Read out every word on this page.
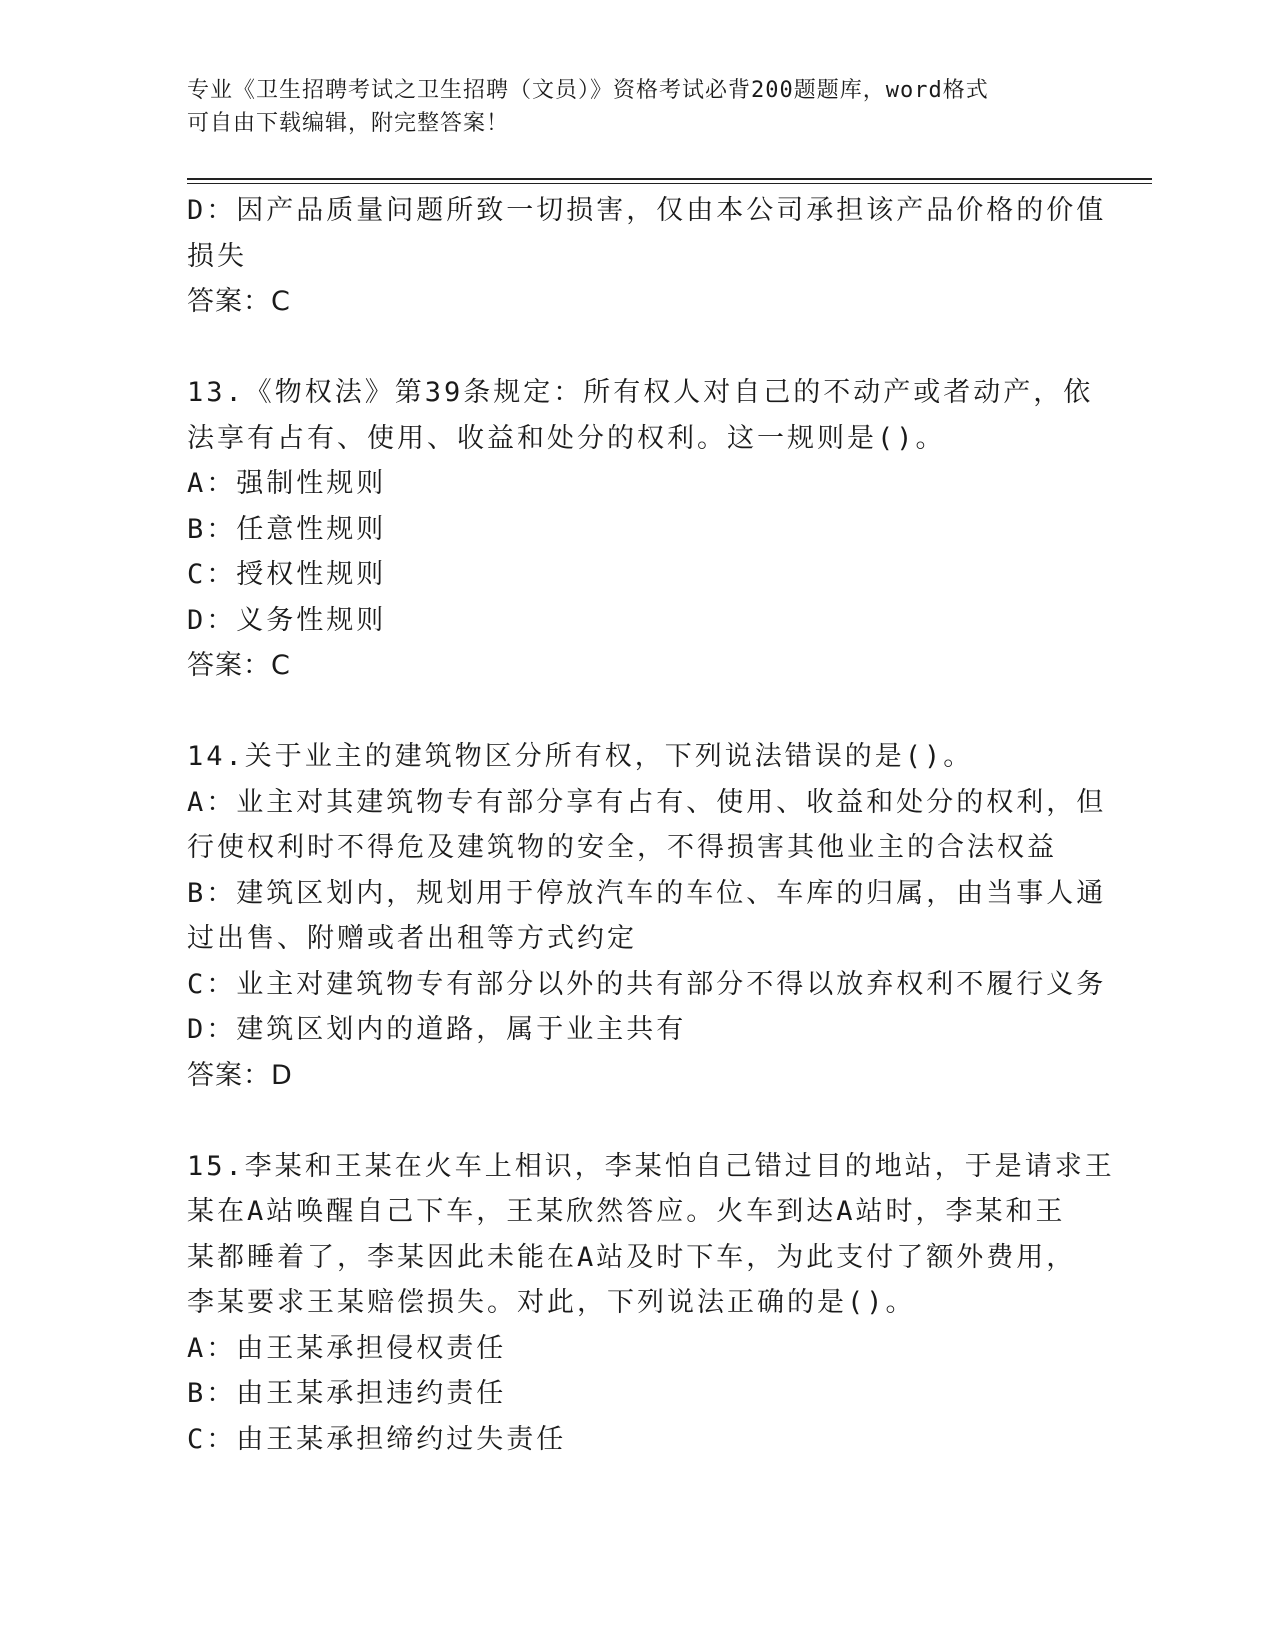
专业《卫生招聘考试之卫生招聘（文员）》资格考试必背200题题库，word格式
可自由下载编辑，附完整答案！
D：因产品质量问题所致一切损害，仅由本公司承担该产品价格的价值
损失
答案：C
13.《物权法》第39条规定：所有权人对自己的不动产或者动产，依
法享有占有、使用、收益和处分的权利。这一规则是()。
A：强制性规则
B：任意性规则
C：授权性规则
D：义务性规则
答案：C
14.关于业主的建筑物区分所有权，下列说法错误的是()。
A：业主对其建筑物专有部分享有占有、使用、收益和处分的权利，但
行使权利时不得危及建筑物的安全，不得损害其他业主的合法权益
B：建筑区划内，规划用于停放汽车的车位、车库的归属，由当事人通
过出售、附赠或者出租等方式约定
C：业主对建筑物专有部分以外的共有部分不得以放弃权利不履行义务
D：建筑区划内的道路，属于业主共有
答案：D
15.李某和王某在火车上相识，李某怕自己错过目的地站，于是请求王
某在A站唤醒自己下车，王某欣然答应。火车到达A站时，李某和王
某都睡着了，李某因此未能在A站及时下车，为此支付了额外费用，
李某要求王某赔偿损失。对此，下列说法正确的是()。
A：由王某承担侵权责任
B：由王某承担违约责任
C：由王某承担缔约过失责任
